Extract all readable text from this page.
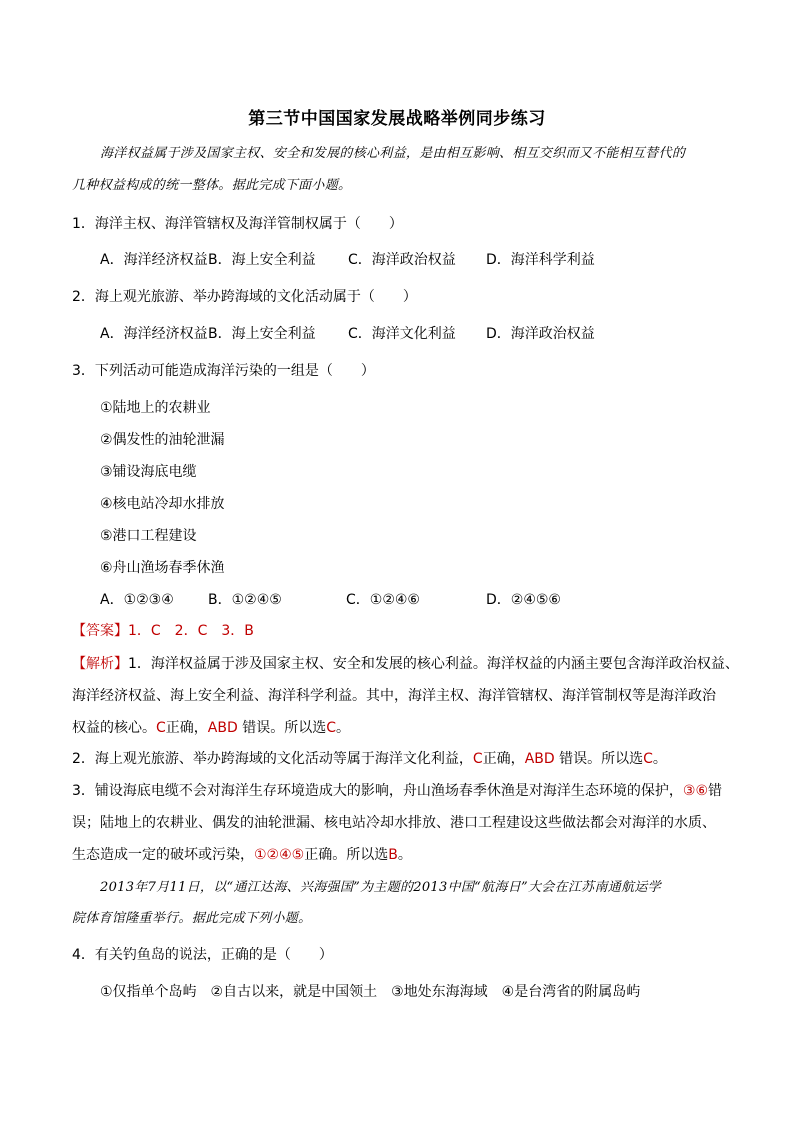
第三节中国国家发展战略举例同步练习
海洋权益属于涉及国家主权、安全和发展的核心利益，是由相互影响、相互交织而又不能相互替代的
几种权益构成的统一整体。据此完成下面小题。
1．海洋主权、海洋管辖权及海洋管制权属于（　　）
A．海洋经济权益B．海上安全利益 C．海洋政治权益 D．海洋科学利益
2．海上观光旅游、举办跨海域的文化活动属于（　　）
A．海洋经济权益B．海上安全利益 C．海洋文化利益 D．海洋政治权益
3．下列活动可能造成海洋污染的一组是（　　）
①陆地上的农耕业
②偶发性的油轮泄漏
③铺设海底电缆
④核电站冷却水排放
⑤港口工程建设
⑥舟山渔场春季休渔
A．①②③④ B．①②④⑤	C．①②④⑥	D．②④⑤⑥
【答案】1．C　2．C　3．B
【解析】1．海洋权益属于涉及国家主权、安全和发展的核心利益。海洋权益的内涵主要包含海洋政治权益、
海洋经济权益、海上安全利益、海洋科学利益。其中，海洋主权、海洋管辖权、海洋管制权等是海洋政治
权益的核心。C正确，ABD 错误。所以选C。
2．海上观光旅游、举办跨海域的文化活动等属于海洋文化利益，C正确，ABD 错误。所以选C。
3．铺设海底电缆不会对海洋生存环境造成大的影响，舟山渔场春季休渔是对海洋生态环境的保护，③⑥错
误；陆地上的农耕业、偶发的油轮泄漏、核电站冷却水排放、港口工程建设这些做法都会对海洋的水质、
生态造成一定的破坏或污染，①②④⑤正确。所以选B。
2013年7月11日，以“通江达海、兴海强国”为主题的2013中国“航海日”大会在江苏南通航运学
院体育馆隆重举行。据此完成下列小题。
4．有关钓鱼岛的说法，正确的是（　　）
①仅指单个岛屿　②自古以来，就是中国领土　③地处东海海域　④是台湾省的附属岛屿
